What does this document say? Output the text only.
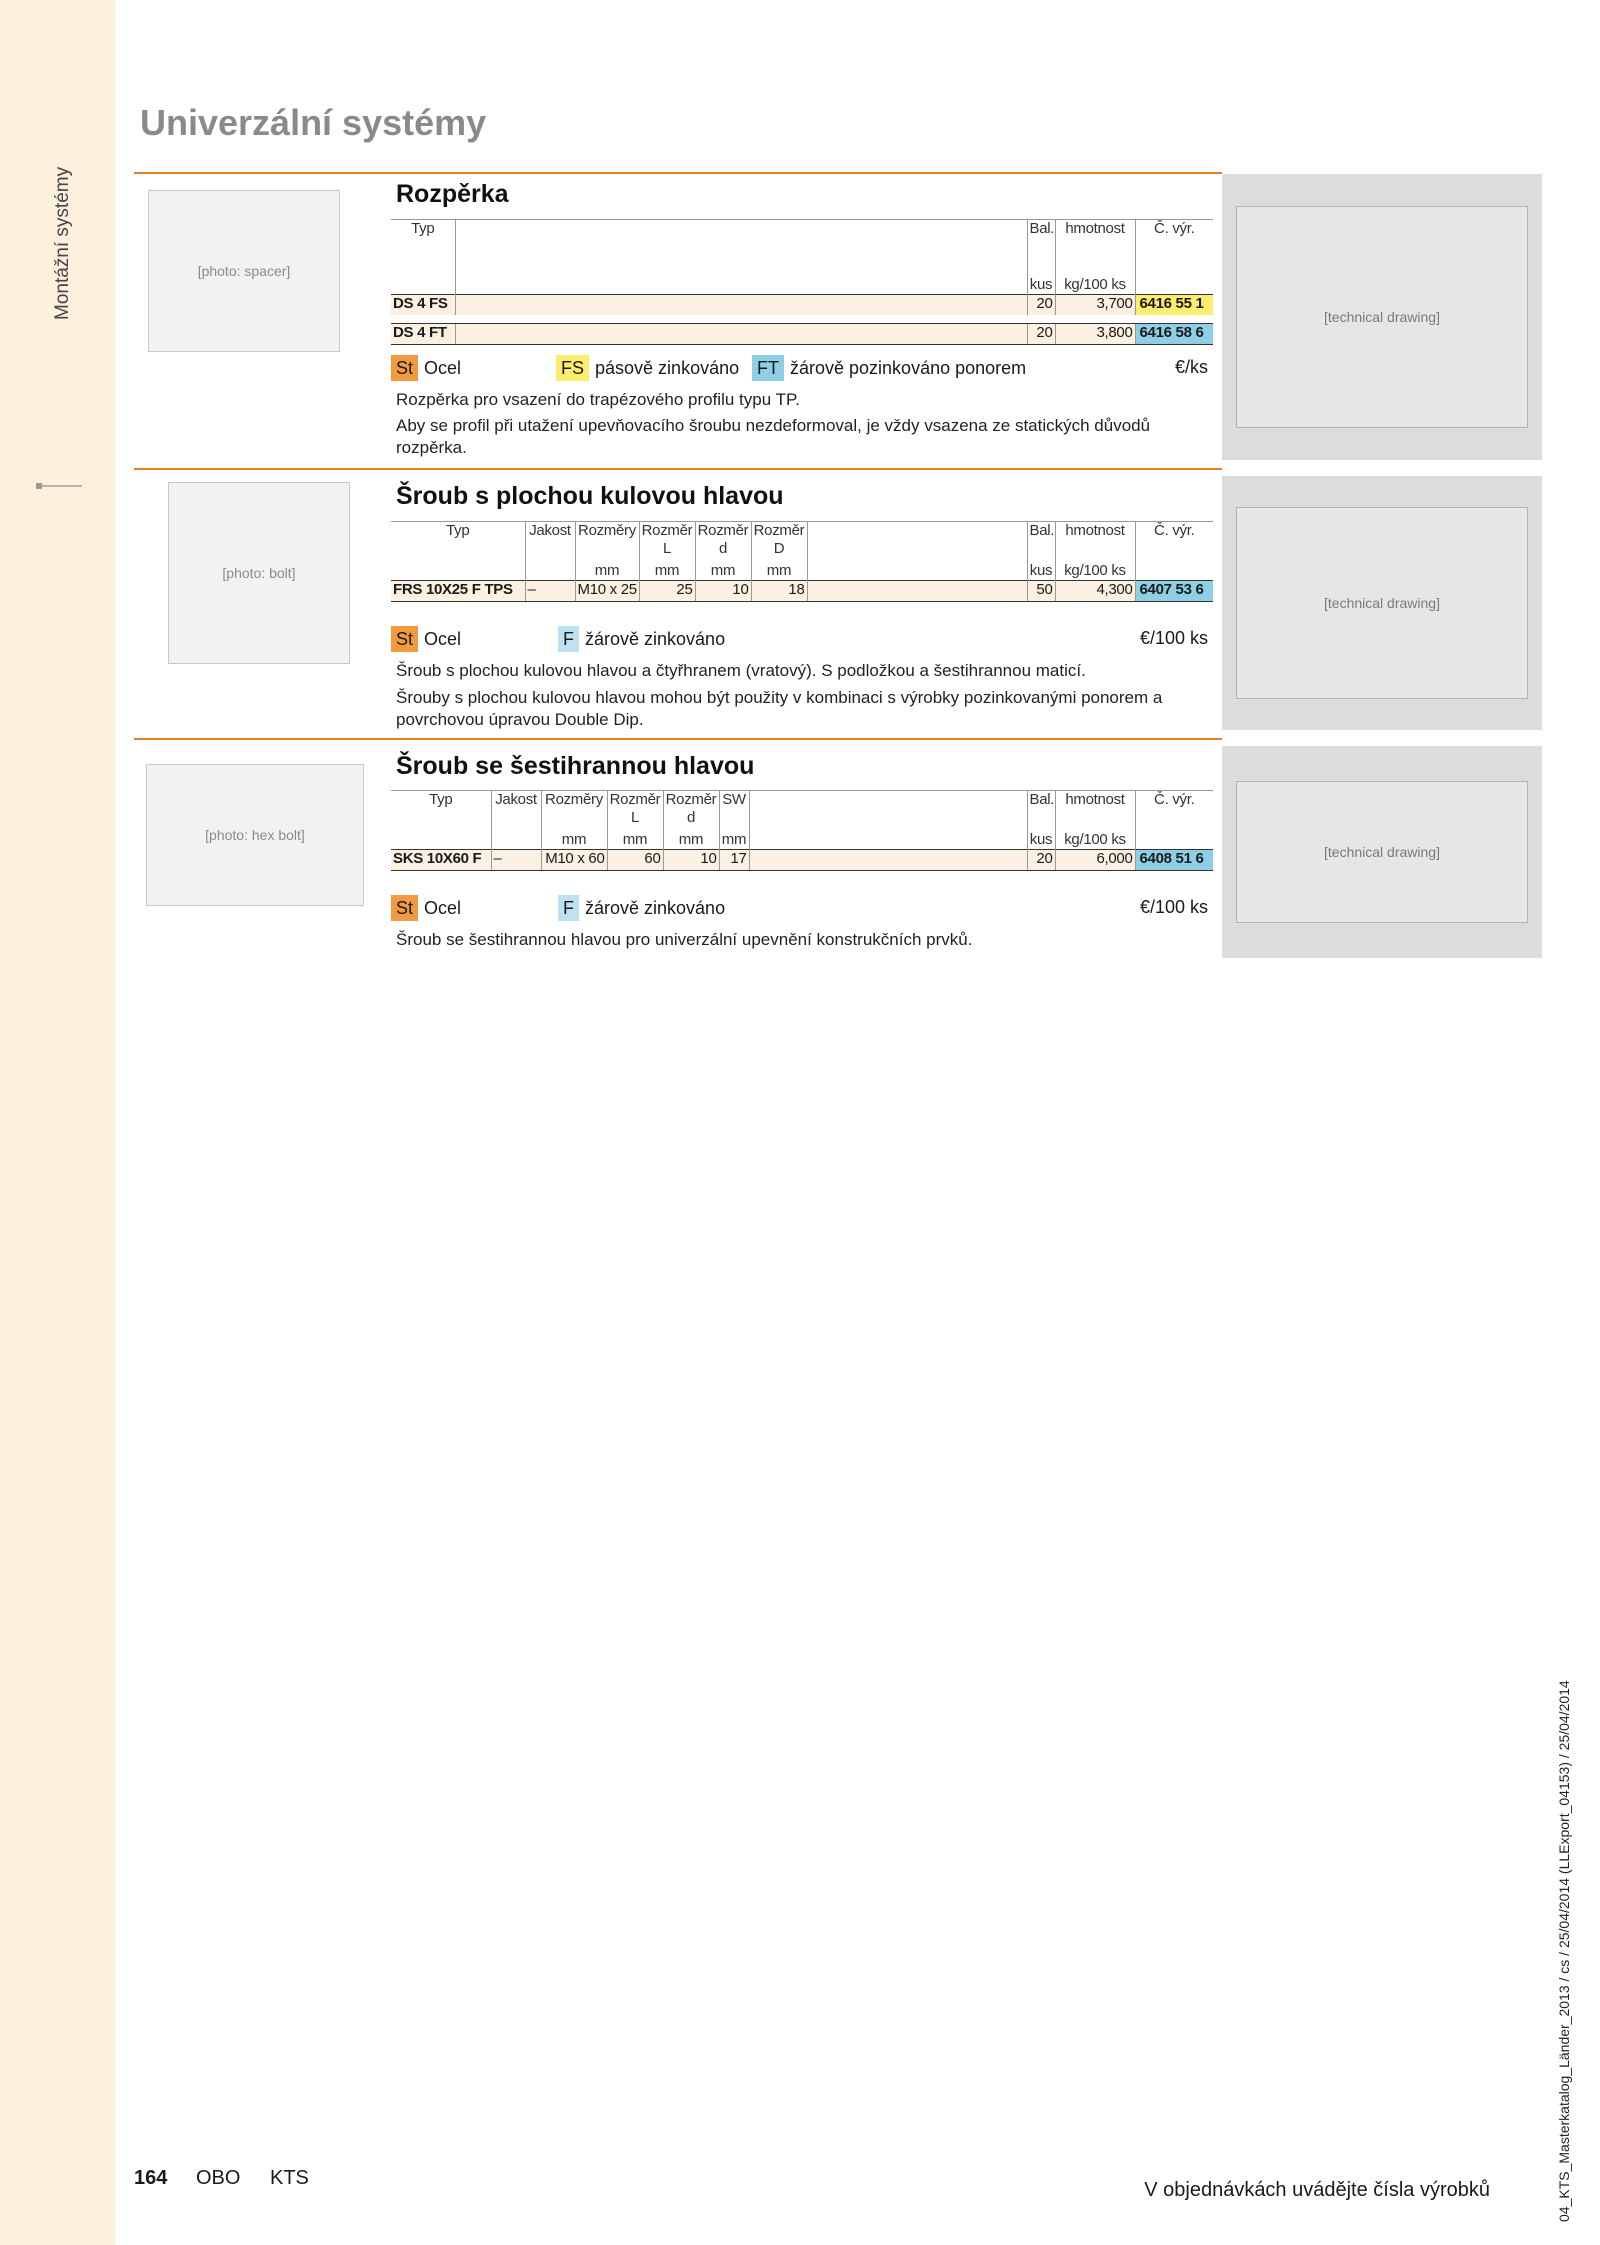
Montážní systémy
Univerzální systémy
[photo: spacer]
[technical drawing]
Rozpěrka
Typ		Bal.	hmotnost	Č. výr.
		kus	kg/100 ks	
DS 4 FS		20	3,700	6416 55 1

DS 4 FT		20	3,800	6416 58 6
St Ocel	FS pásově zinkováno FT žárově pozinkováno ponorem	€/ks
Rozpěrka pro vsazení do trapézového profilu typu TP.
Aby se profil při utažení upevňovacího šroubu nezdeformoval, je vždy vsazena ze statických důvodů rozpěrka.
[photo: bolt]
[technical drawing]
Šroub s plochou kulovou hlavou
Typ	Jakost	Rozměry	Rozměr L	Rozměr d	Rozměr D		Bal.	hmotnost	Č. výr.
		mm	mm	mm	mm		kus	kg/100 ks	
FRS 10X25 F TPS	–	M10 x 25	25	10	18		50	4,300	6407 53 6
St Ocel	F žárově zinkováno	€/100 ks
Šroub s plochou kulovou hlavou a čtyřhranem (vratový). S podložkou a šestihrannou maticí.
Šrouby s plochou kulovou hlavou mohou být použity v kombinaci s výrobky pozinkovanými ponorem a povrchovou úpravou Double Dip.
[photo: hex bolt]
[technical drawing]
Šroub se šestihrannou hlavou
Typ	Jakost	Rozměry	Rozměr L	Rozměr d	SW		Bal.	hmotnost	Č. výr.
		mm	mm	mm	mm		kus	kg/100 ks	
SKS 10X60 F	–	M10 x 60	60	10	17		20	6,000	6408 51 6
St Ocel	F žárově zinkováno	€/100 ks
Šroub se šestihrannou hlavou pro univerzální upevnění konstrukčních prvků.
164 OBO KTS
V objednávkách uvádějte čísla výrobků	04_KTS_Masterkatalog_Länder_2013 / cs / 25/04/2014 (LLExport_04153) / 25/04/2014
